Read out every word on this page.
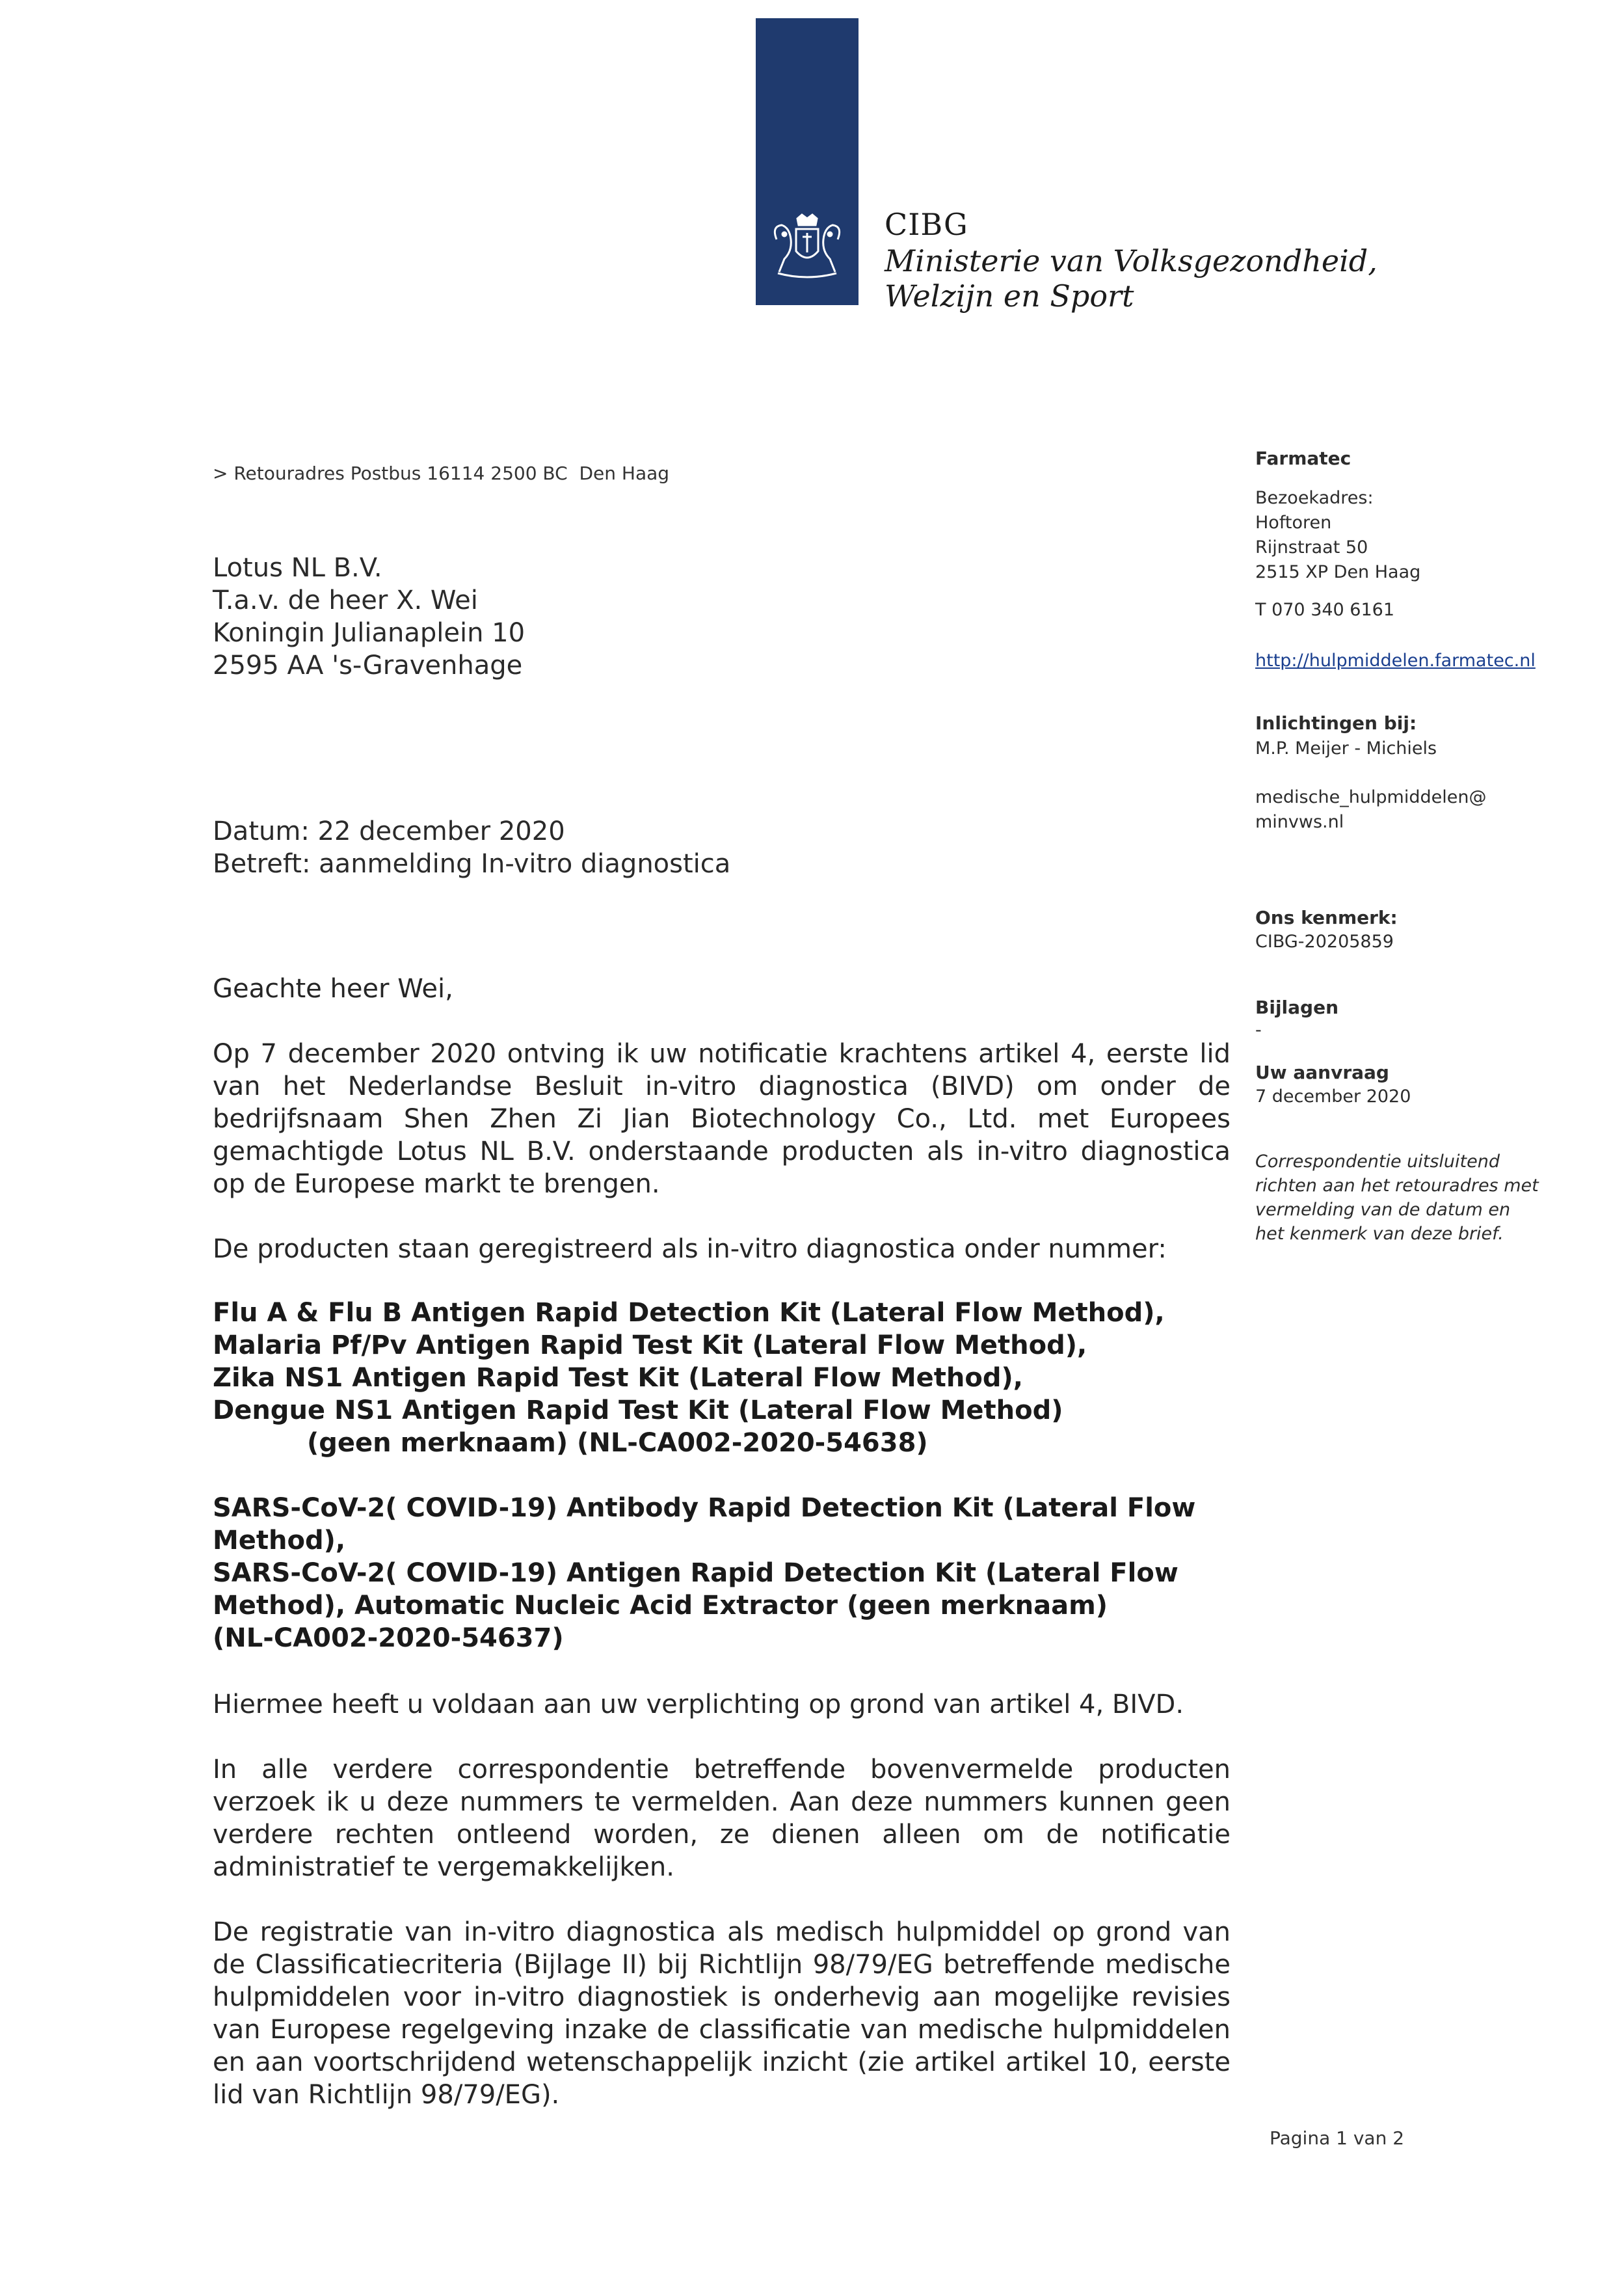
CIBG
Ministerie van Volksgezondheid,
Welzijn en Sport
> Retouradres Postbus 16114 2500 BC  Den Haag
Lotus NL B.V.
T.a.v. de heer X. Wei
Koningin Julianaplein 10
2595 AA 's-Gravenhage
Datum: 22 december 2020
Betreft: aanmelding In-vitro diagnostica
Farmatec
Bezoekadres:
Hoftoren
Rijnstraat 50
2515 XP Den Haag
T 070 340 6161
http://hulpmiddelen.farmatec.nl
Inlichtingen bij:
M.P. Meijer - Michiels
medische_hulpmiddelen@
minvws.nl
Ons kenmerk:
CIBG-20205859
Bijlagen
-
Uw aanvraag
7 december 2020
Correspondentie uitsluitend
richten aan het retouradres met
vermelding van de datum en
het kenmerk van deze brief.
Geachte heer Wei,
Op 7 december 2020 ontving ik uw notificatie krachtens artikel 4, eerste lid van het Nederlandse Besluit in-vitro diagnostica (BIVD) om onder de bedrijfsnaam Shen Zhen Zi Jian Biotechnology Co., Ltd. met Europees gemachtigde Lotus NL B.V. onderstaande producten als in-vitro diagnostica op de Europese markt te brengen.
De producten staan geregistreerd als in-vitro diagnostica onder nummer:
Flu A & Flu B Antigen Rapid Detection Kit (Lateral Flow Method),
Malaria Pf/Pv Antigen Rapid Test Kit (Lateral Flow Method),
Zika NS1 Antigen Rapid Test Kit (Lateral Flow Method),
Dengue NS1 Antigen Rapid Test Kit (Lateral Flow Method)
(geen merknaam) (NL-CA002-2020-54638)
SARS-CoV-2( COVID-19) Antibody Rapid Detection Kit (Lateral Flow
Method),
SARS-CoV-2( COVID-19) Antigen Rapid Detection Kit (Lateral Flow
Method), Automatic Nucleic Acid Extractor (geen merknaam)
(NL-CA002-2020-54637)
Hiermee heeft u voldaan aan uw verplichting op grond van artikel 4, BIVD.
In alle verdere correspondentie betreffende bovenvermelde producten verzoek ik u deze nummers te vermelden. Aan deze nummers kunnen geen verdere rechten ontleend worden, ze dienen alleen om de notificatie administratief te vergemakkelijken.
De registratie van in-vitro diagnostica als medisch hulpmiddel op grond van de Classificatiecriteria (Bijlage II) bij Richtlijn 98/79/EG betreffende medische hulpmiddelen voor in-vitro diagnostiek is onderhevig aan mogelijke revisies van Europese regelgeving inzake de classificatie van medische hulpmiddelen en aan voortschrijdend wetenschappelijk inzicht (zie artikel artikel 10, eerste lid van Richtlijn 98/79/EG).
Pagina 1 van 2
